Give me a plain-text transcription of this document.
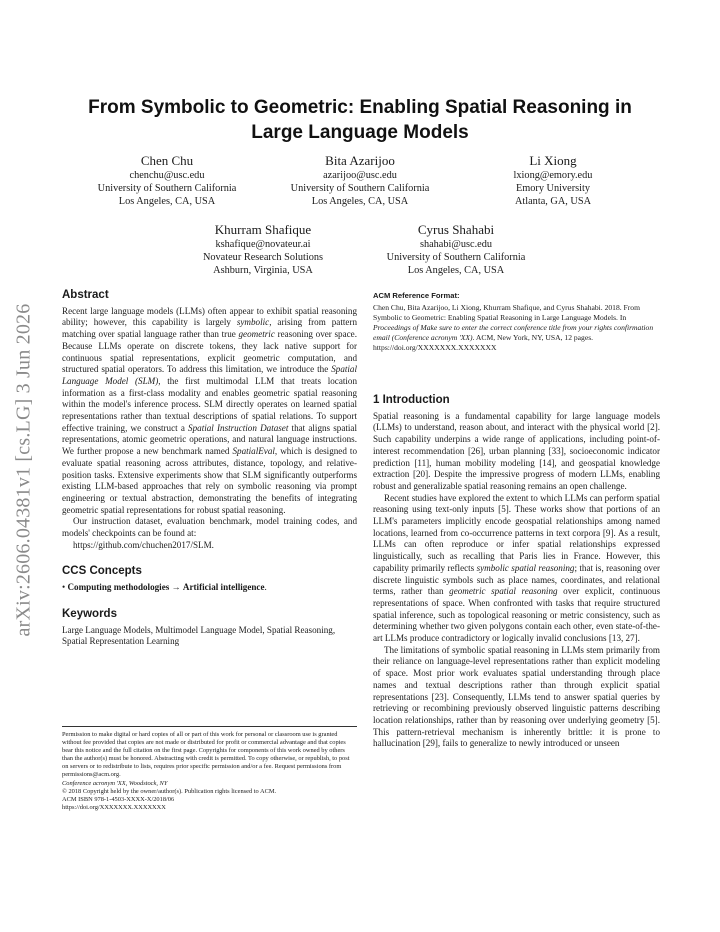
arXiv:2606.04381v1 [cs.LG] 3 Jun 2026
From Symbolic to Geometric: Enabling Spatial Reasoning in Large Language Models
Chen Chu
chenchu@usc.edu
University of Southern California
Los Angeles, CA, USA
Bita Azarijoo
azarijoo@usc.edu
University of Southern California
Los Angeles, CA, USA
Li Xiong
lxiong@emory.edu
Emory University
Atlanta, GA, USA
Khurram Shafique
kshafique@novateur.ai
Novateur Research Solutions
Ashburn, Virginia, USA
Cyrus Shahabi
shahabi@usc.edu
University of Southern California
Los Angeles, CA, USA
Abstract

Recent large language models (LLMs) often appear to exhibit spatial reasoning ability; however, this capability is largely symbolic, arising from pattern matching over spatial language rather than true geometric reasoning over space. Because LLMs operate on discrete tokens, they lack native support for continuous spatial representations, explicit geometric computation, and structured spatial operators. To address this limitation, we introduce the Spatial Language Model (SLM), the first multimodal LLM that treats location information as a first-class modality and enables geometric spatial reasoning within the model's inference process. SLM directly operates on learned spatial representations rather than textual descriptions of spatial relations. To support effective training, we construct a Spatial Instruction Dataset that aligns spatial representations, atomic geometric operations, and natural language instructions. We further propose a new benchmark named SpatialEval, which is designed to evaluate spatial reasoning across attributes, distance, topology, and relative-position tasks. Extensive experiments show that SLM significantly outperforms existing LLM-based approaches that rely on symbolic reasoning via prompt engineering or textual abstraction, demonstrating the benefits of integrating geometric spatial representations for robust spatial reasoning.

Our instruction dataset, evaluation benchmark, model training codes, and models' checkpoints can be found at:

https://github.com/chuchen2017/SLM.

CCS Concepts

• Computing methodologies → Artificial intelligence.

Keywords

Large Language Models, Multimodel Language Model, Spatial Reasoning, Spatial Representation Learning

Permission to make digital or hard copies of all or part of this work for personal or classroom use is granted without fee provided that copies are not made or distributed for profit or commercial advantage and that copies bear this notice and the full citation on the first page. Copyrights for components of this work owned by others than the author(s) must be honored. Abstracting with credit is permitted. To copy otherwise, or republish, to post on servers or to redistribute to lists, requires prior specific permission and/or a fee. Request permissions from permissions@acm.org.
Conference acronym 'XX, Woodstock, NY
© 2018 Copyright held by the owner/author(s). Publication rights licensed to ACM.
ACM ISBN 978-1-4503-XXXX-X/2018/06
https://doi.org/XXXXXXX.XXXXXXX
ACM Reference Format:
Chen Chu, Bita Azarijoo, Li Xiong, Khurram Shafique, and Cyrus Shahabi. 2018. From Symbolic to Geometric: Enabling Spatial Reasoning in Large Language Models. In Proceedings of Make sure to enter the correct conference title from your rights confirmation email (Conference acronym 'XX). ACM, New York, NY, USA, 12 pages. https://doi.org/XXXXXXX.XXXXXXX
1 Introduction

Spatial reasoning is a fundamental capability for large language models (LLMs) to understand, reason about, and interact with the physical world [2]. Such capability underpins a wide range of applications, including point-of-interest recommendation [26], urban planning [33], socioeconomic indicator prediction [11], human mobility modeling [14], and geospatial knowledge extraction [20]. Despite the impressive progress of modern LLMs, enabling robust and generalizable spatial reasoning remains an open challenge.

Recent studies have explored the extent to which LLMs can perform spatial reasoning using text-only inputs [5]. These works show that portions of an LLM's parameters implicitly encode geospatial relationships among named locations, learned from co-occurrence patterns in text corpora [9]. As a result, LLMs can often reproduce or infer spatial relationships expressed linguistically, such as recalling that Paris lies in France. However, this capability primarily reflects symbolic spatial reasoning; that is, reasoning over discrete linguistic symbols such as place names, coordinates, and relational terms, rather than geometric spatial reasoning over explicit, continuous representations of space. When confronted with tasks that require structured spatial inference, such as topological reasoning or metric consistency, such as determining whether two given polygons contain each other, even state-of-the-art LLMs produce contradictory or logically invalid conclusions [13, 27].

The limitations of symbolic spatial reasoning in LLMs stem primarily from their reliance on language-level representations rather than explicit modeling of space. Most prior work evaluates spatial understanding through place names and textual descriptions rather than through explicit spatial representations [23]. Consequently, LLMs tend to answer spatial queries by retrieving or recombining previously observed linguistic patterns describing location relationships, rather than by reasoning over underlying geometry [5]. This pattern-retrieval mechanism is inherently brittle: it is prone to hallucination [29], fails to generalize to newly introduced or unseen
